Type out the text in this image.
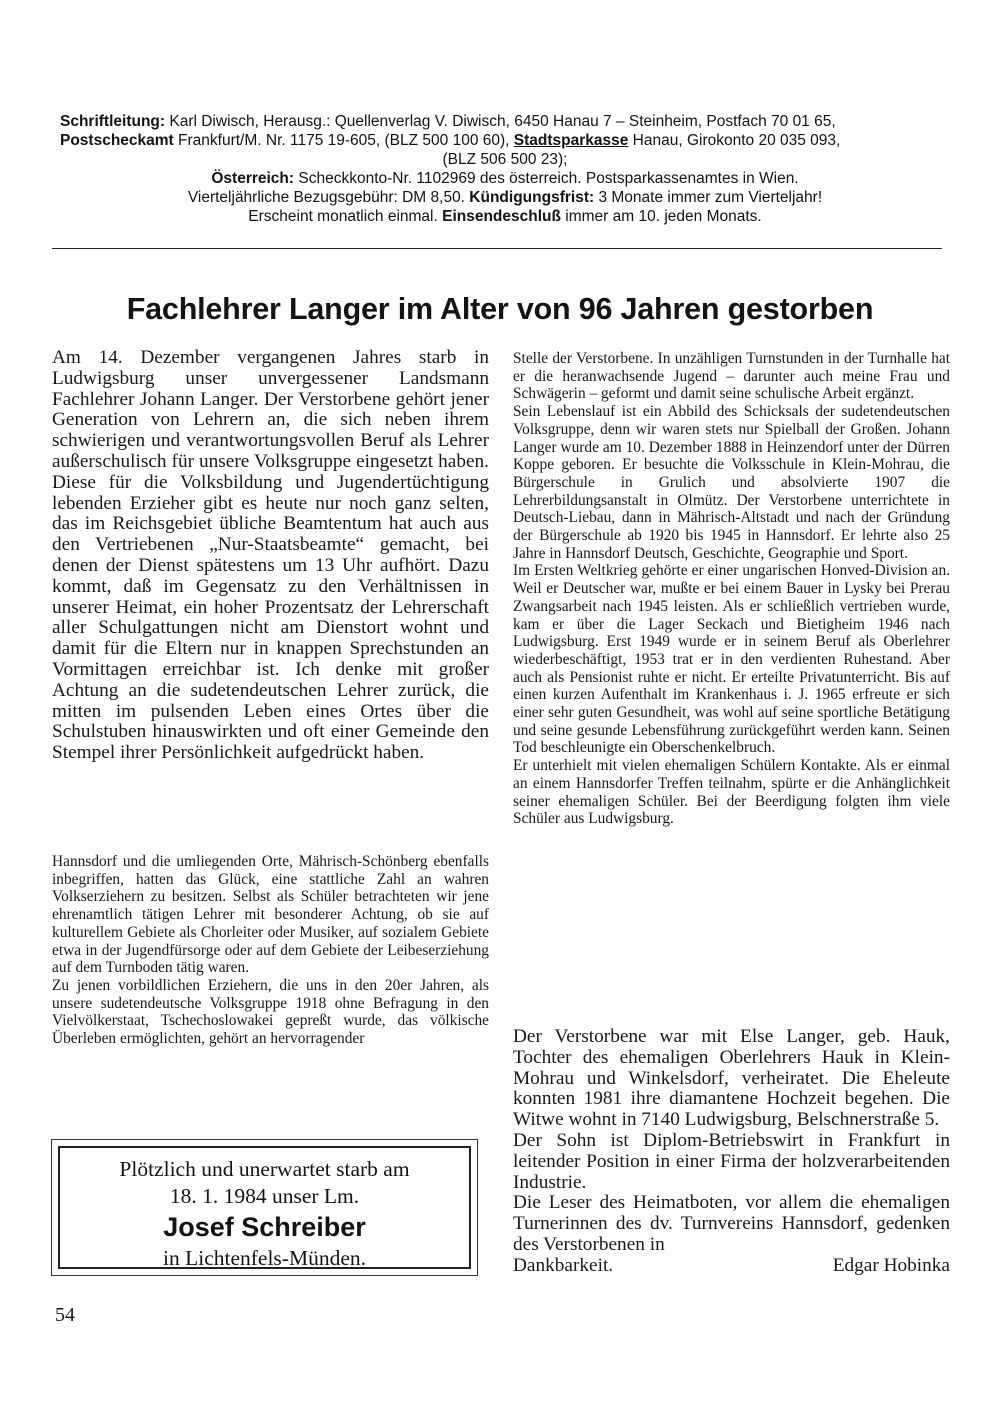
Schriftleitung: Karl Diwisch, Herausg.: Quellenverlag V. Diwisch, 6450 Hanau 7 – Steinheim, Postfach 70 01 65,

Postscheckamt Frankfurt/M. Nr. 1175 19-605, (BLZ 500 100 60), Stadtsparkasse Hanau, Girokonto 20 035 093,

(BLZ 506 500 23);

Österreich: Scheckkonto-Nr. 1102969 des österreich. Postsparkassenamtes in Wien.

Vierteljährliche Bezugsgebühr: DM 8,50. Kündigungsfrist: 3 Monate immer zum Vierteljahr!

Erscheint monatlich einmal. Einsendeschluß immer am 10. jeden Monats.

Fachlehrer Langer im Alter von 96 Jahren gestorben

Am 14. Dezember vergangenen Jahres starb in Ludwigsburg unser unvergessener Landsmann Fachlehrer Johann Langer. Der Verstorbene gehört jener Generation von Lehrern an, die sich neben ihrem schwierigen und verantwortungsvollen Beruf als Lehrer außerschulisch für unsere Volksgruppe eingesetzt haben. Diese für die Volksbildung und Jugendertüchtigung lebenden Erzieher gibt es heute nur noch ganz selten, das im Reichsgebiet übliche Beamtentum hat auch aus den Vertriebenen „Nur-Staatsbeamte“ gemacht, bei denen der Dienst spätestens um 13 Uhr aufhört. Dazu kommt, daß im Gegensatz zu den Verhältnissen in unserer Heimat, ein hoher Prozentsatz der Lehrerschaft aller Schulgattungen nicht am Dienstort wohnt und damit für die Eltern nur in knappen Sprechstunden an Vormittagen erreichbar ist. Ich denke mit großer Achtung an die sudetendeutschen Lehrer zurück, die mitten im pulsenden Leben eines Ortes über die Schulstuben hinauswirkten und oft einer Gemeinde den Stempel ihrer Persönlichkeit aufgedrückt haben.

Hannsdorf und die umliegenden Orte, Mährisch-Schönberg ebenfalls inbegriffen, hatten das Glück, eine stattliche Zahl an wahren Volkserziehern zu besitzen. Selbst als Schüler betrachteten wir jene ehrenamtlich tätigen Lehrer mit besonderer Achtung, ob sie auf kulturellem Gebiete als Chorleiter oder Musiker, auf sozialem Gebiete etwa in der Jugendfürsorge oder auf dem Gebiete der Leibeserziehung auf dem Turnboden tätig waren.

Zu jenen vorbildlichen Erziehern, die uns in den 20er Jahren, als unsere sudetendeutsche Volksgruppe 1918 ohne Befragung in den Vielvölkerstaat, Tschechoslowakei gepreßt wurde, das völkische Überleben ermöglichten, gehört an hervorragender

Plötzlich und unerwartet starb am
18. 1. 1984 unser Lm.
Josef Schreiber
in Lichtenfels-Münden.

Stelle der Verstorbene. In unzähligen Turnstunden in der Turnhalle hat er die heranwachsende Jugend – darunter auch meine Frau und Schwägerin – geformt und damit seine schulische Arbeit ergänzt.

Sein Lebenslauf ist ein Abbild des Schicksals der sudetendeutschen Volksgruppe, denn wir waren stets nur Spielball der Großen. Johann Langer wurde am 10. Dezember 1888 in Heinzendorf unter der Dürren Koppe geboren. Er besuchte die Volksschule in Klein-Mohrau, die Bürgerschule in Grulich und absolvierte 1907 die Lehrerbildungsanstalt in Olmütz. Der Verstorbene unterrichtete in Deutsch-Liebau, dann in Mährisch-Altstadt und nach der Gründung der Bürgerschule ab 1920 bis 1945 in Hannsdorf. Er lehrte also 25 Jahre in Hannsdorf Deutsch, Geschichte, Geographie und Sport.

Im Ersten Weltkrieg gehörte er einer ungarischen Honved-Division an. Weil er Deutscher war, mußte er bei einem Bauer in Lysky bei Prerau Zwangsarbeit nach 1945 leisten. Als er schließlich vertrieben wurde, kam er über die Lager Seckach und Bietigheim 1946 nach Ludwigsburg. Erst 1949 wurde er in seinem Beruf als Oberlehrer wiederbeschäftigt, 1953 trat er in den verdienten Ruhestand. Aber auch als Pensionist ruhte er nicht. Er erteilte Privatunterricht. Bis auf einen kurzen Aufenthalt im Krankenhaus i. J. 1965 erfreute er sich einer sehr guten Gesundheit, was wohl auf seine sportliche Betätigung und seine gesunde Lebensführung zurückgeführt werden kann. Seinen Tod beschleunigte ein Oberschenkelbruch.

Er unterhielt mit vielen ehemaligen Schülern Kontakte. Als er einmal an einem Hannsdorfer Treffen teilnahm, spürte er die Anhänglichkeit seiner ehemaligen Schüler. Bei der Beerdigung folgten ihm viele Schüler aus Ludwigsburg.

Der Verstorbene war mit Else Langer, geb. Hauk, Tochter des ehemaligen Oberlehrers Hauk in Klein-Mohrau und Winkelsdorf, verheiratet. Die Eheleute konnten 1981 ihre diamantene Hochzeit begehen. Die Witwe wohnt in 7140 Ludwigsburg, Belschnerstraße 5.

Der Sohn ist Diplom-Betriebswirt in Frankfurt in leitender Position in einer Firma der holzverarbeitenden Industrie.

Die Leser des Heimatboten, vor allem die ehemaligen Turnerinnen des dv. Turnvereins Hannsdorf, gedenken des Verstorbenen in

Dankbarkeit.	Edgar Hobinka
54
